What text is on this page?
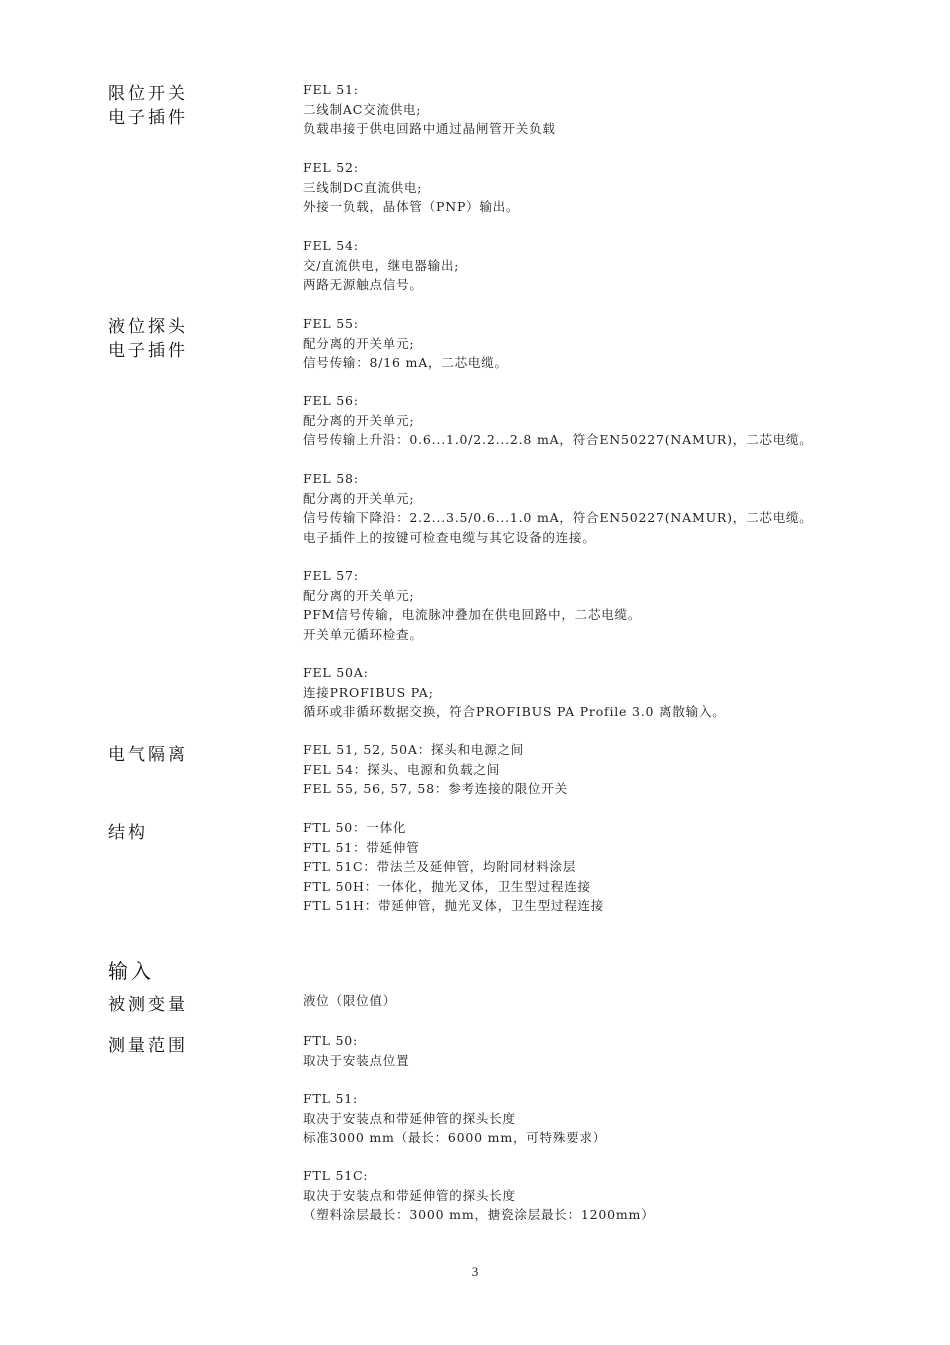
限位开关
电子插件
液位探头
电子插件
电气隔离
结构
输入
被测变量
测量范围
FEL 51:
二线制AC交流供电;
负载串接于供电回路中通过晶闸管开关负载
FEL 52:
三线制DC直流供电;
外接一负载，晶体管（PNP）输出。
FEL 54:
交/直流供电，继电器输出;
两路无源触点信号。
FEL 55:
配分离的开关单元;
信号传输：8/16 mA，二芯电缆。
FEL 56:
配分离的开关单元;
信号传输上升沿：0.6...1.0/2.2...2.8 mA，符合EN50227(NAMUR)，二芯电缆。
FEL 58:
配分离的开关单元;
信号传输下降沿：2.2...3.5/0.6...1.0 mA，符合EN50227(NAMUR)，二芯电缆。
电子插件上的按键可检查电缆与其它设备的连接。
FEL 57:
配分离的开关单元;
PFM信号传输，电流脉冲叠加在供电回路中，二芯电缆。
开关单元循环检查。
FEL 50A:
连接PROFIBUS PA;
循环或非循环数据交换，符合PROFIBUS PA Profile 3.0 离散输入。
FEL 51, 52, 50A：探头和电源之间
FEL 54：探头、电源和负载之间
FEL 55, 56, 57, 58：参考连接的限位开关
FTL 50：一体化
FTL 51：带延伸管
FTL 51C：带法兰及延伸管，均附同材料涂层
FTL 50H：一体化，抛光叉体，卫生型过程连接
FTL 51H：带延伸管，抛光叉体，卫生型过程连接
液位（限位值）
FTL 50:
取决于安装点位置
FTL 51:
取决于安装点和带延伸管的探头长度
标准3000 mm（最长：6000 mm，可特殊要求）
FTL 51C:
取决于安装点和带延伸管的探头长度
（塑料涂层最长：3000 mm，搪瓷涂层最长：1200mm）
3
